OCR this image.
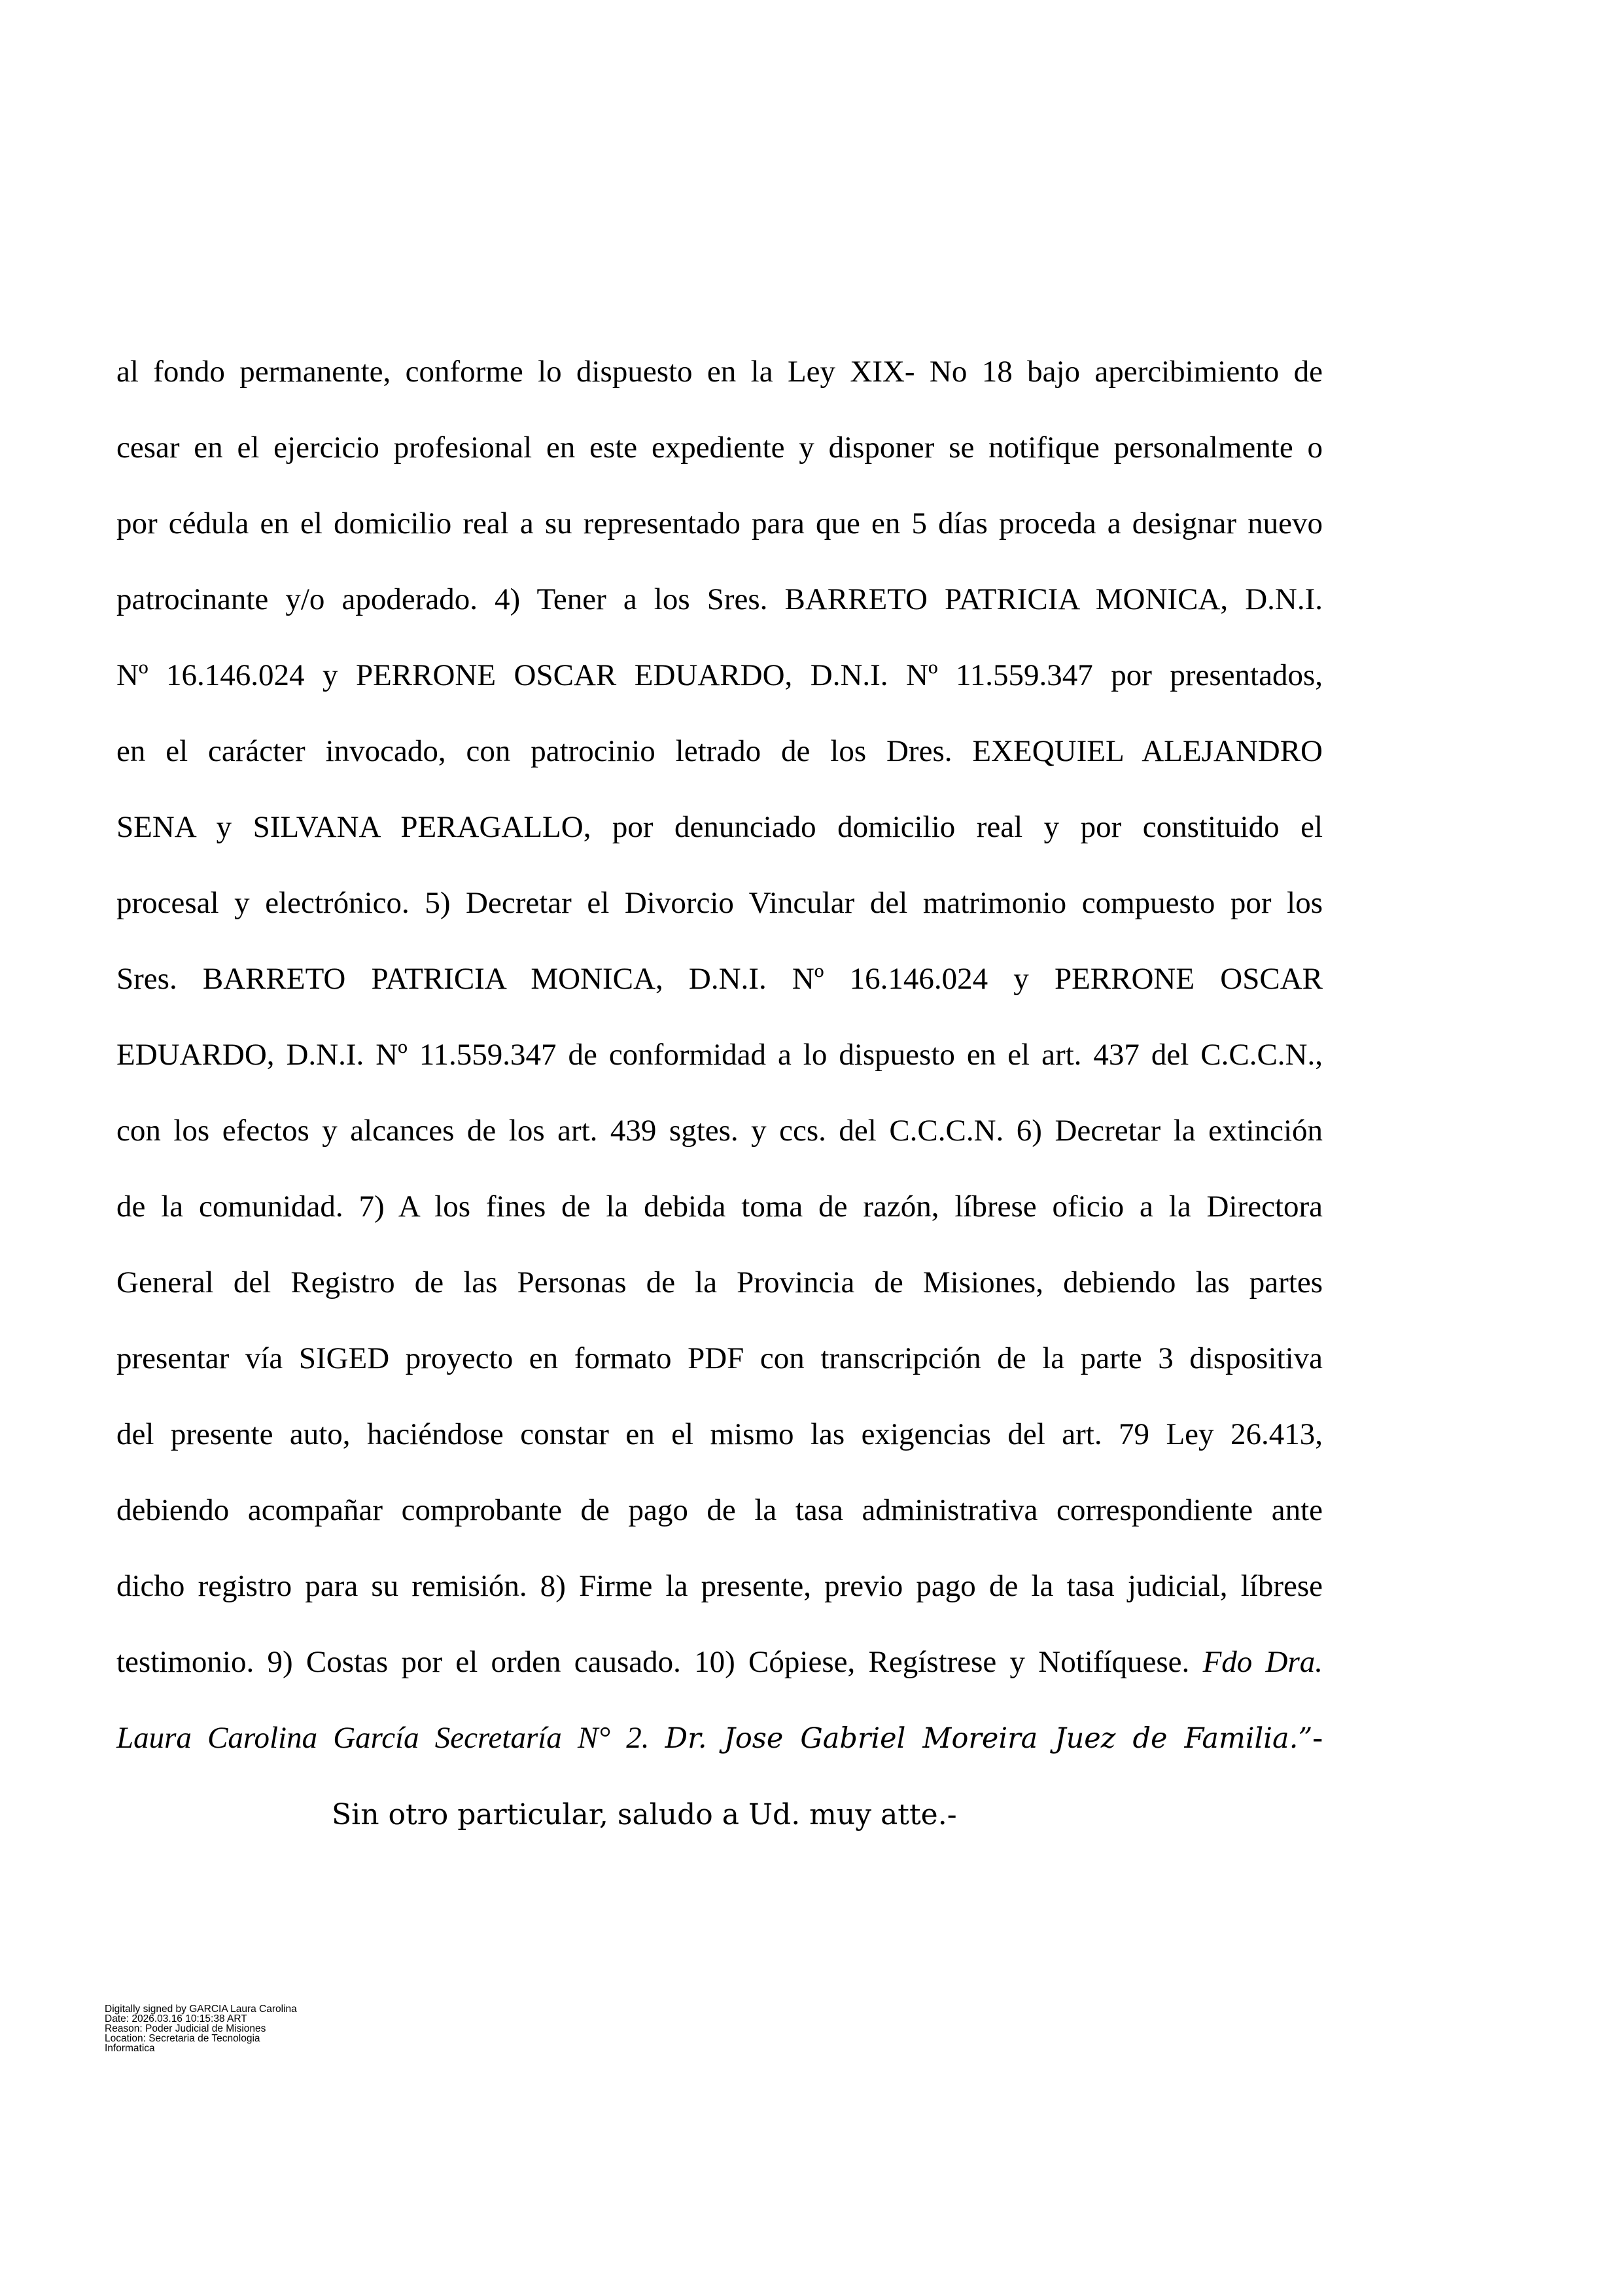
al fondo permanente, conforme lo dispuesto en la Ley XIX- No 18 bajo apercibimiento de
cesar en el ejercicio profesional en este expediente y disponer se notifique personalmente o
por cédula en el domicilio real a su representado para que en 5 días proceda a designar nuevo
patrocinante y/o apoderado. 4) Tener a los Sres. BARRETO PATRICIA MONICA, D.N.I.
Nº 16.146.024 y PERRONE OSCAR EDUARDO, D.N.I. Nº 11.559.347 por presentados,
en el carácter invocado, con patrocinio letrado de los Dres. EXEQUIEL ALEJANDRO
SENA y SILVANA PERAGALLO, por denunciado domicilio real y por constituido el
procesal y electrónico. 5) Decretar el Divorcio Vincular del matrimonio compuesto por los
Sres. BARRETO PATRICIA MONICA, D.N.I. Nº 16.146.024 y PERRONE OSCAR
EDUARDO, D.N.I. Nº 11.559.347 de conformidad a lo dispuesto en el art. 437 del C.C.C.N.,
con los efectos y alcances de los art. 439 sgtes. y ccs. del C.C.C.N. 6) Decretar la extinción
de la comunidad. 7) A los fines de la debida toma de razón, líbrese oficio a la Directora
General del Registro de las Personas de la Provincia de Misiones, debiendo las partes
presentar vía SIGED proyecto en formato PDF con transcripción de la parte 3 dispositiva
del presente auto, haciéndose constar en el mismo las exigencias del art. 79 Ley 26.413,
debiendo acompañar comprobante de pago de la tasa administrativa correspondiente ante
dicho registro para su remisión. 8) Firme la presente, previo pago de la tasa judicial, líbrese
testimonio. 9) Costas por el orden causado. 10) Cópiese, Regístrese y Notifíquese. Fdo Dra.
Laura Carolina García Secretaría N° 2. Dr. Jose Gabriel Moreira Juez de Familia.”-
Sin otro particular, saludo a Ud. muy atte.-
Digitally signed by GARCIA Laura Carolina
Date: 2026.03.16 10:15:38 ART
Reason: Poder Judicial de Misiones
Location: Secretaria de Tecnologia
Informatica
